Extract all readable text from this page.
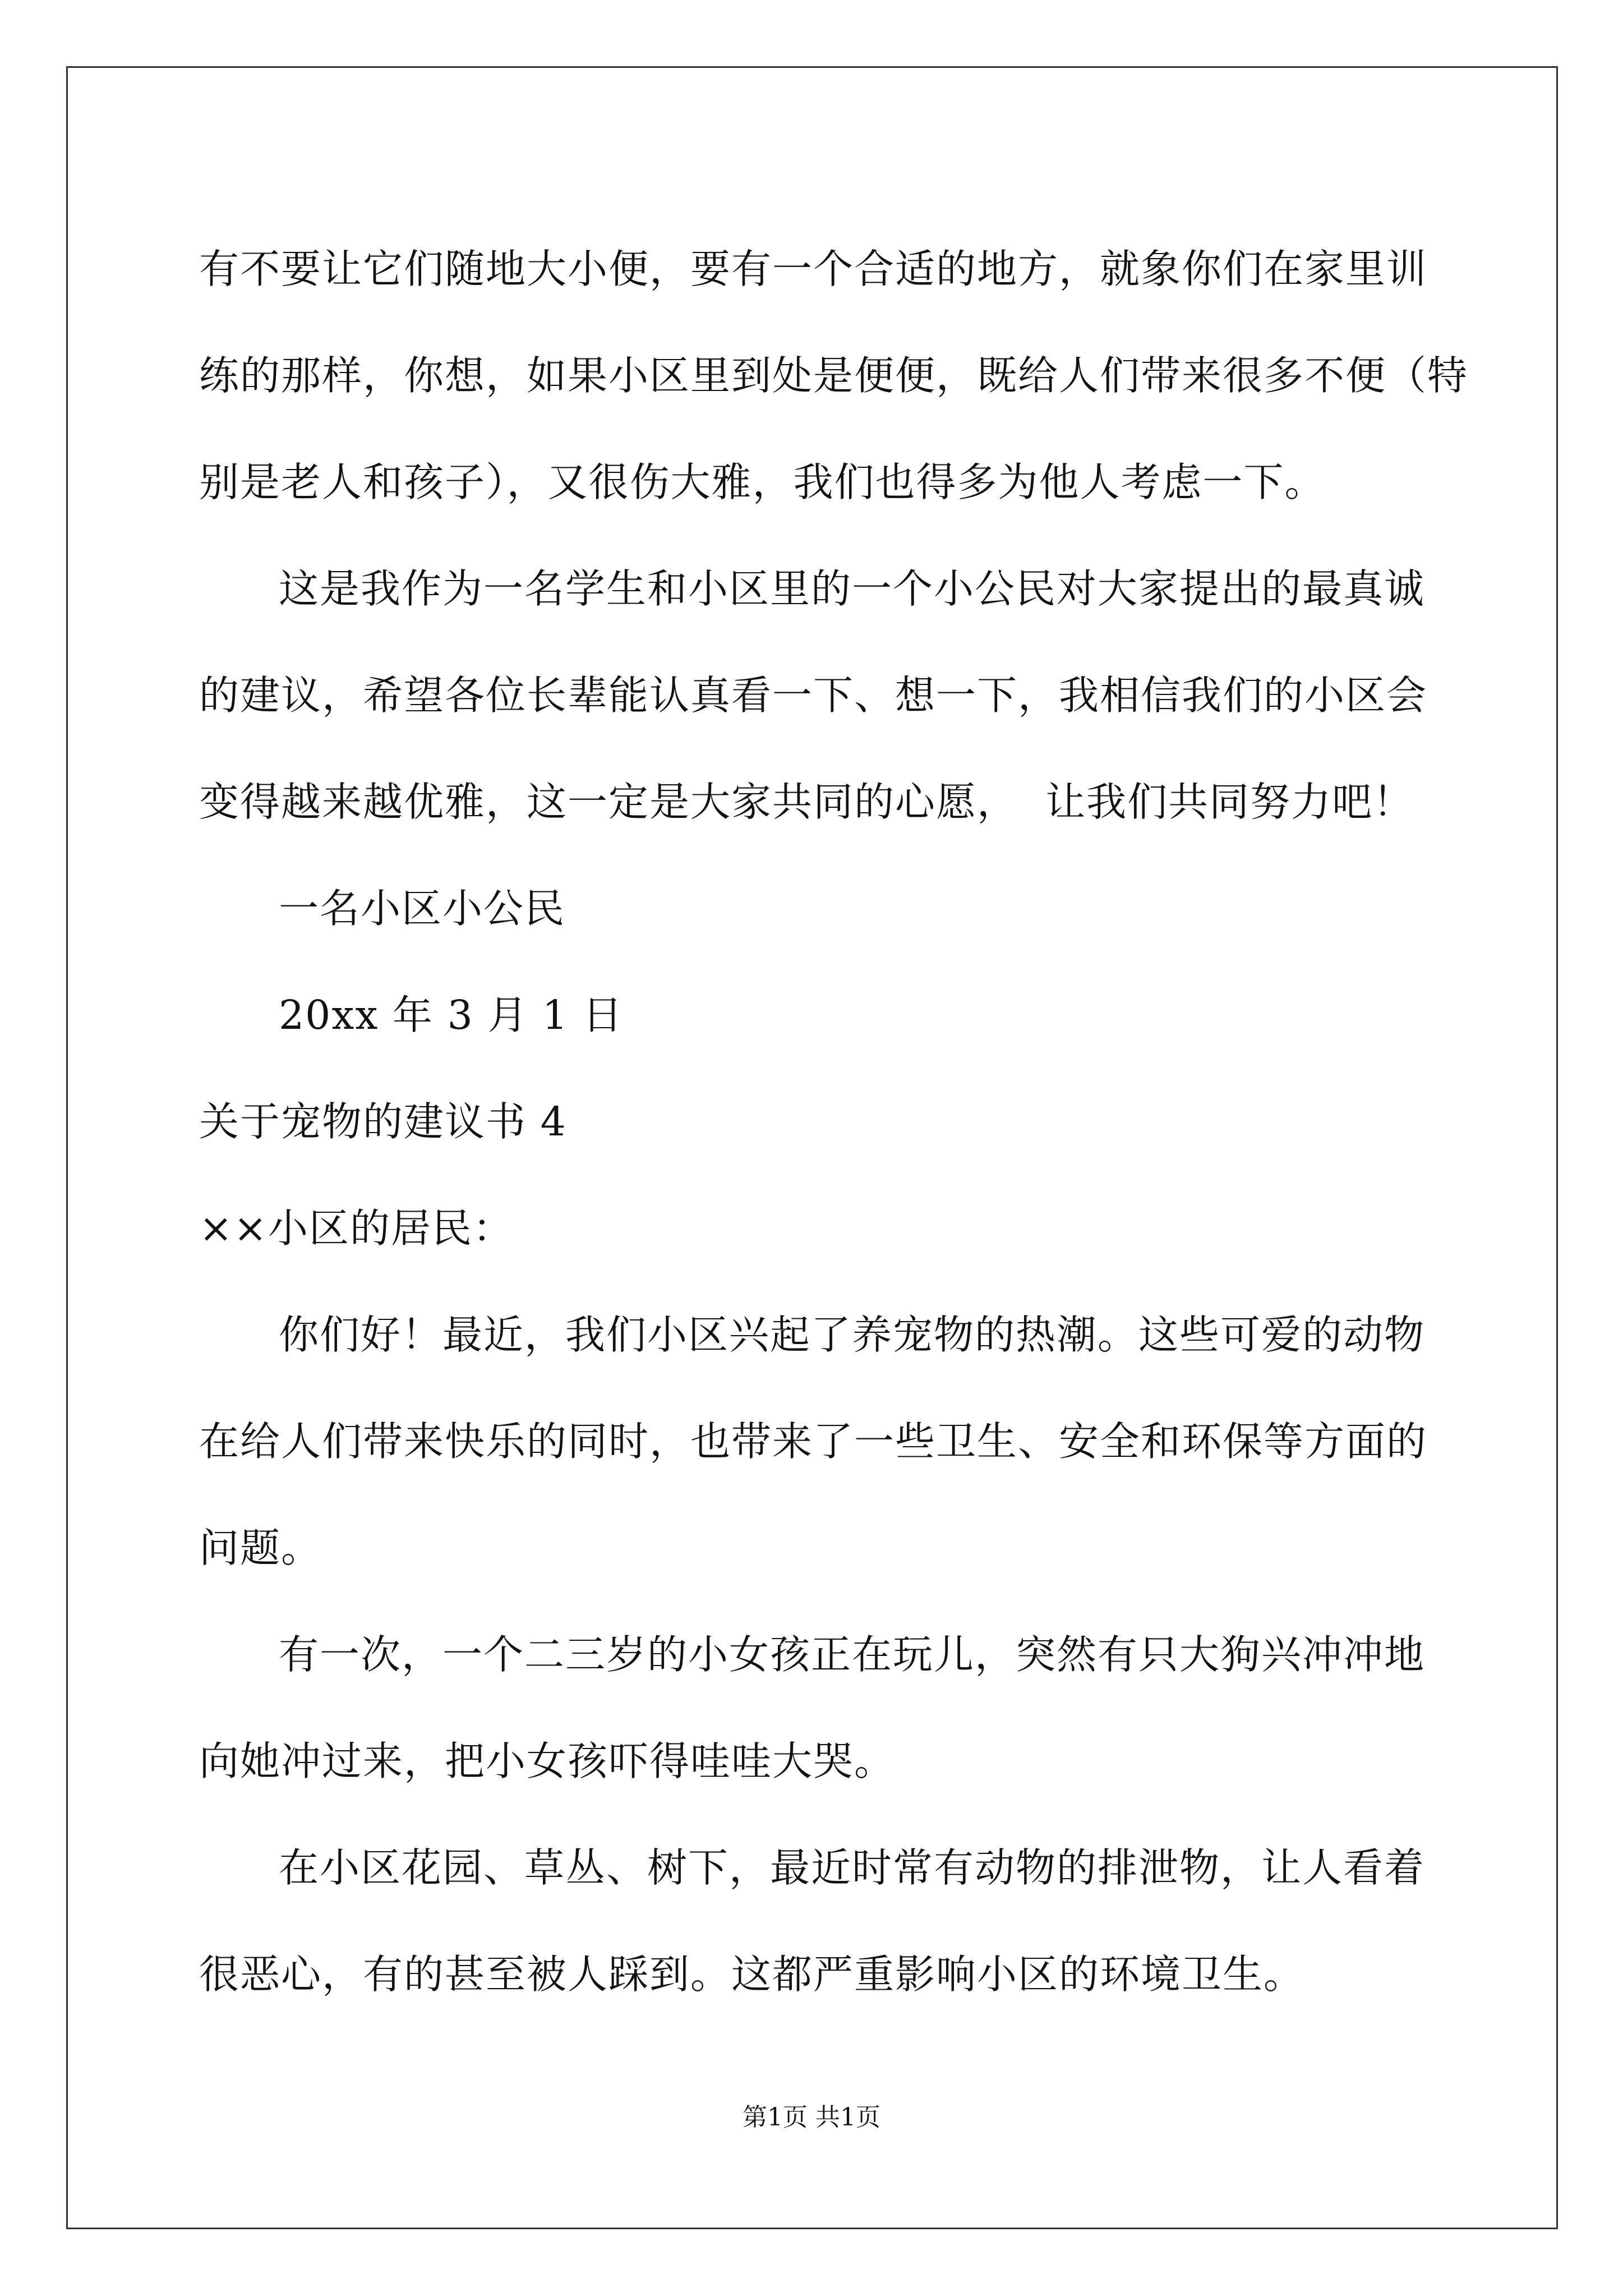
有不要让它们随地大小便，要有一个合适的地方，就象你们在家里训
练的那样，你想，如果小区里到处是便便，既给人们带来很多不便（特
别是老人和孩子），又很伤大雅，我们也得多为他人考虑一下。
这是我作为一名学生和小区里的一个小公民对大家提出的最真诚
的建议，希望各位长辈能认真看一下、想一下，我相信我们的小区会
变得越来越优雅，这一定是大家共同的心愿，  让我们共同努力吧！
一名小区小公民
20xx 年 3 月 1 日
关于宠物的建议书 4
××小区的居民：
你们好！最近，我们小区兴起了养宠物的热潮。这些可爱的动物
在给人们带来快乐的同时，也带来了一些卫生、安全和环保等方面的
问题。
有一次，一个二三岁的小女孩正在玩儿，突然有只大狗兴冲冲地
向她冲过来，把小女孩吓得哇哇大哭。
在小区花园、草丛、树下，最近时常有动物的排泄物，让人看着
很恶心，有的甚至被人踩到。这都严重影响小区的环境卫生。
第1页 共1页
